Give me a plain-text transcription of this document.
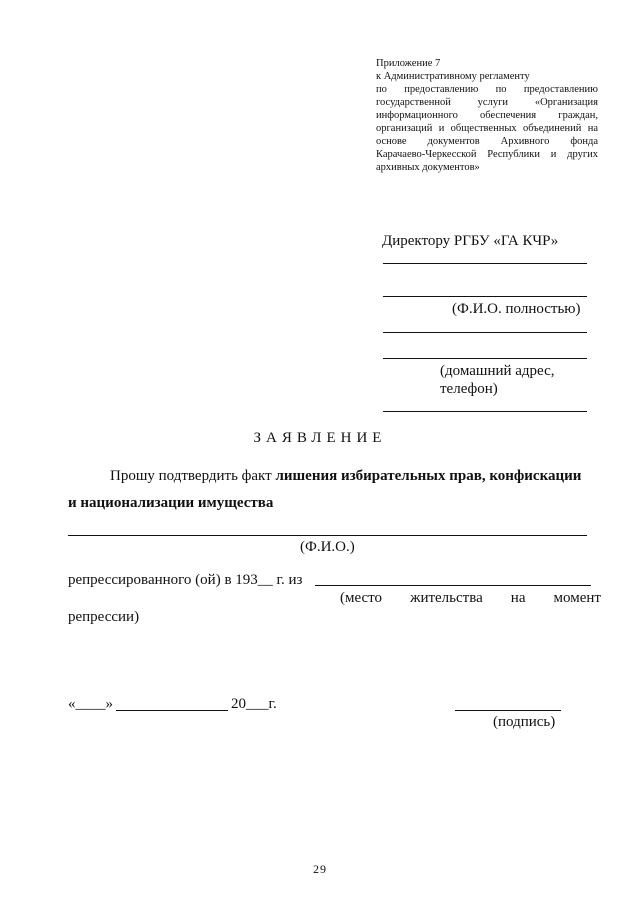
Приложение 7
к Административному регламенту
по предоставлению по предоставлению
государственной услуги «Организация
информационного обеспечения граждан,
организаций и общественных объединений на
основе документов Архивного фонда
Карачаево-Черкесской Республики и других
архивных документов»
Директору РГБУ «ГА КЧР»
(Ф.И.О. полностью)
(домашний адрес,
телефон)
ЗАЯВЛЕНИЕ
Прошу подтвердить факт лишения избирательных прав, конфискации
и национализации имущества
(Ф.И.О.)
репрессированного (ой) в 193__ г. из
(место жительства на момент
репрессии)
«____»	20___г.
(подпись)
29
